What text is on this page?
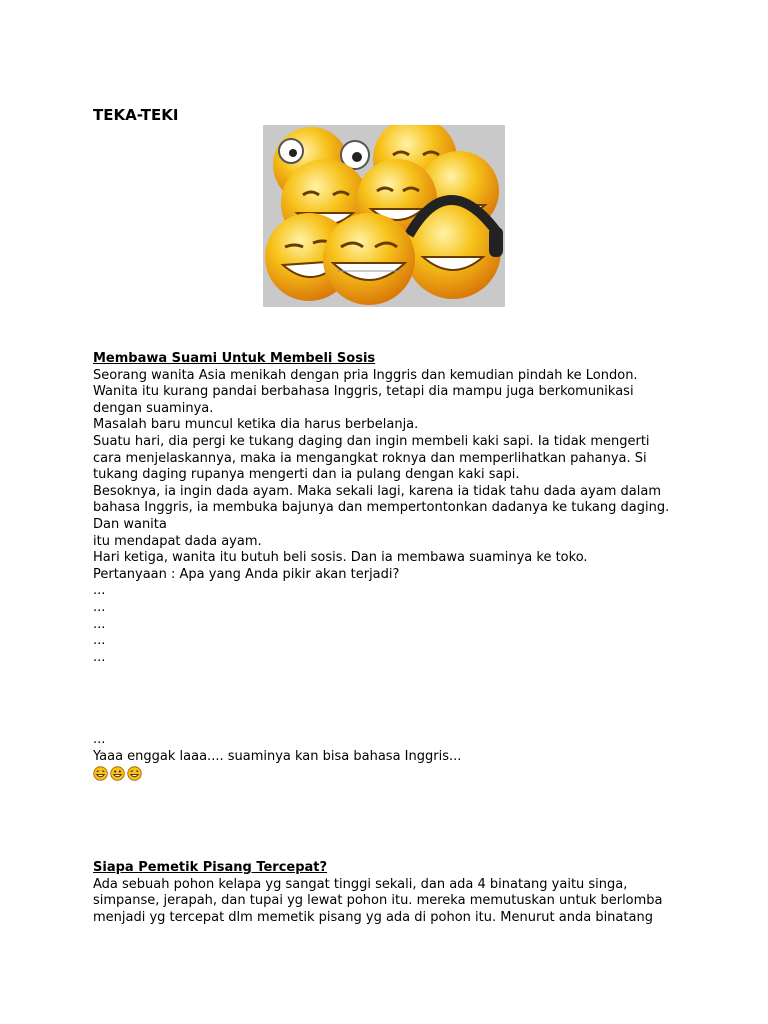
TEKA-TEKI
Membawa Suami Untuk Membeli Sosis

Seorang wanita Asia menikah dengan pria Inggris dan kemudian pindah ke London.

Wanita itu kurang pandai berbahasa Inggris, tetapi dia mampu juga berkomunikasi

dengan suaminya.

Masalah baru muncul ketika dia harus berbelanja.

Suatu hari, dia pergi ke tukang daging dan ingin membeli kaki sapi. Ia tidak mengerti

cara menjelaskannya, maka ia mengangkat roknya dan memperlihatkan pahanya. Si

tukang daging rupanya mengerti dan ia pulang dengan kaki sapi.

Besoknya, ia ingin dada ayam. Maka sekali lagi, karena ia tidak tahu dada ayam dalam

bahasa Inggris, ia membuka bajunya dan mempertontonkan dadanya ke tukang daging.

Dan wanita

itu mendapat dada ayam.

Hari ketiga, wanita itu butuh beli sosis. Dan ia membawa suaminya ke toko.

Pertanyaan : Apa yang Anda pikir akan terjadi?

...

...

...

...

...

...

Yaaa enggak laaa.... suaminya kan bisa bahasa Inggris...

Siapa Pemetik Pisang Tercepat?

Ada sebuah pohon kelapa yg sangat tinggi sekali, dan ada 4 binatang yaitu singa,

simpanse, jerapah, dan tupai yg lewat pohon itu. mereka memutuskan untuk berlomba

menjadi yg tercepat dlm memetik pisang yg ada di pohon itu. Menurut anda binatang
